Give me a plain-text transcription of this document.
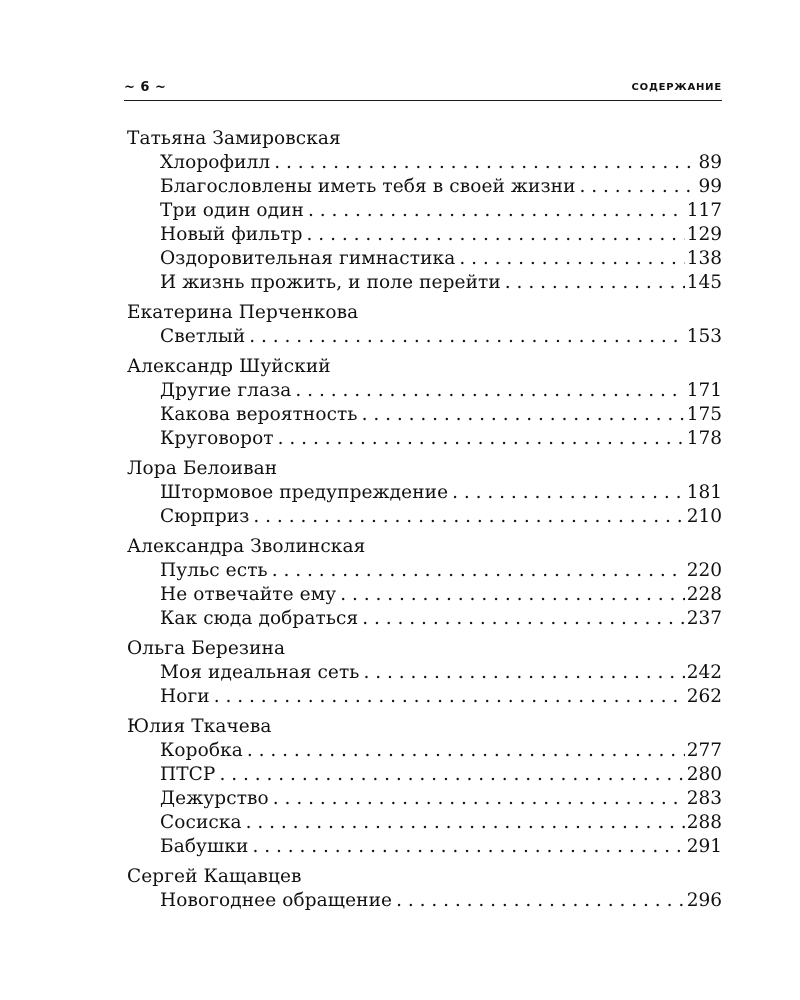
~ 6 ~	СОДЕРЖАНИЕ
Татьяна Замировская
Хлорофилл . . .	89
Благословлены иметь тебя в своей жизни . . .	99
Три один один . . .	117
Новый фильтр . . .	129
Оздоровительная гимнастика . . .	138
И жизнь прожить, и поле перейти . . .	145
Екатерина Перченкова
Светлый . . .	153
Александр Шуйский
Другие глаза . . .	171
Какова вероятность . . .	175
Круговорот . . .	178
Лора Белоиван
Штормовое предупреждение . . .	181
Сюрприз . . .	210
Александра Зволинская
Пульс есть . . .	220
Не отвечайте ему . . .	228
Как сюда добраться . . .	237
Ольга Березина
Моя идеальная сеть . . .	242
Ноги . . .	262
Юлия Ткачева
Коробка . . .	277
ПТСР . . .	280
Дежурство . . .	283
Сосиска . . .	288
Бабушки . . .	291
Сергей Кащавцев
Новогоднее обращение . . .	296
